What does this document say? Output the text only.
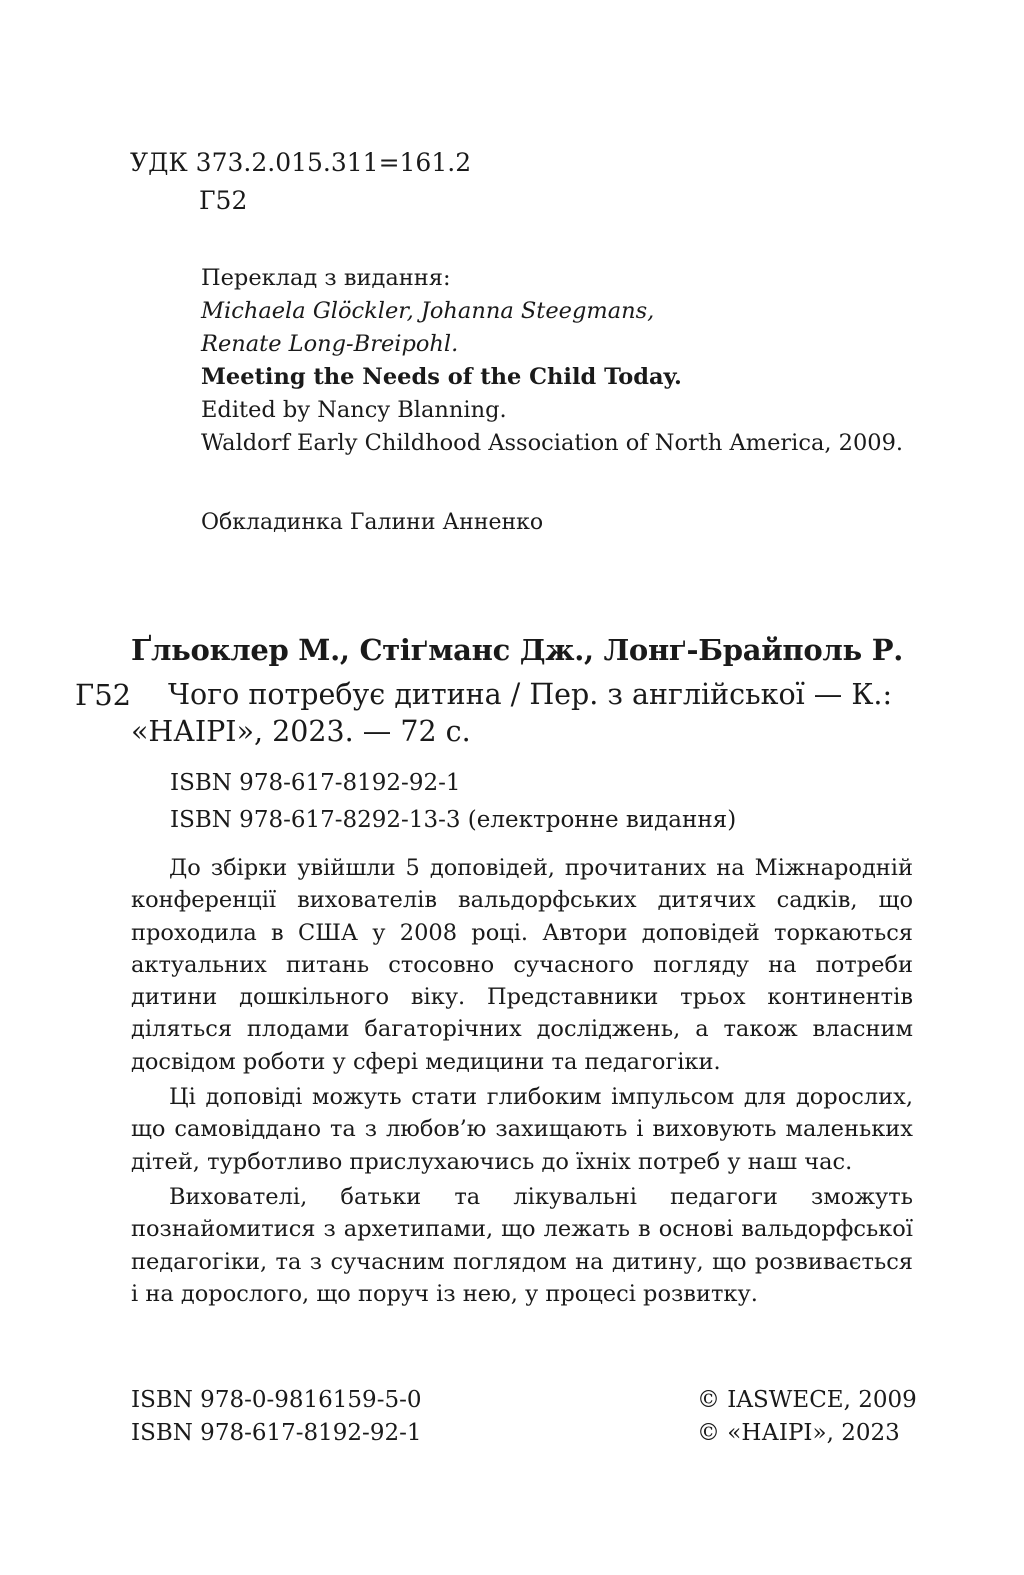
УДК 373.2.015.311=161.2
Г52
Переклад з видання:
Michaela Glöckler, Johanna Steegmans,
Renate Long-Breipohl.
Meeting the Needs of the Child Today.
Edited by Nancy Blanning.
Waldorf Early Childhood Association of North America, 2009.
Обкладинка Галини Анненко
Ґльоклер М., Стіґманс Дж., Лонґ-Брайполь Р.
Г52 Чого потребує дитина / Пер. з англійської — К.:
«НАІРІ», 2023. — 72 с.
ISBN 978-617-8192-92-1
ISBN 978-617-8292-13-3 (електронне видання)

До збірки увійшли 5 доповідей, прочитаних на Міжнародній конференції вихователів вальдорфських дитячих садків, що проходила в США у 2008 році. Автори доповідей торкаються актуальних питань стосовно сучасного погляду на потреби дитини дошкільного віку. Представники трьох континентів діляться плодами багаторічних досліджень, а також власним досвідом роботи у сфері медицини та педагогіки.

Ці доповіді можуть стати глибоким імпульсом для дорослих, що самовіддано та з любов’ю захищають і виховують маленьких дітей, турботливо прислухаючись до їхніх потреб у наш час.

Вихователі, батьки та лікувальні педагоги зможуть познайомитися з архетипами, що лежать в основі вальдорфської педагогіки, та з сучасним поглядом на дитину, що розвивається і на дорослого, що поруч із нею, у процесі розвитку.

ISBN 978-0-9816159-5-0
ISBN 978-617-8192-92-1
© IASWECE, 2009
© «НАІРІ», 2023
